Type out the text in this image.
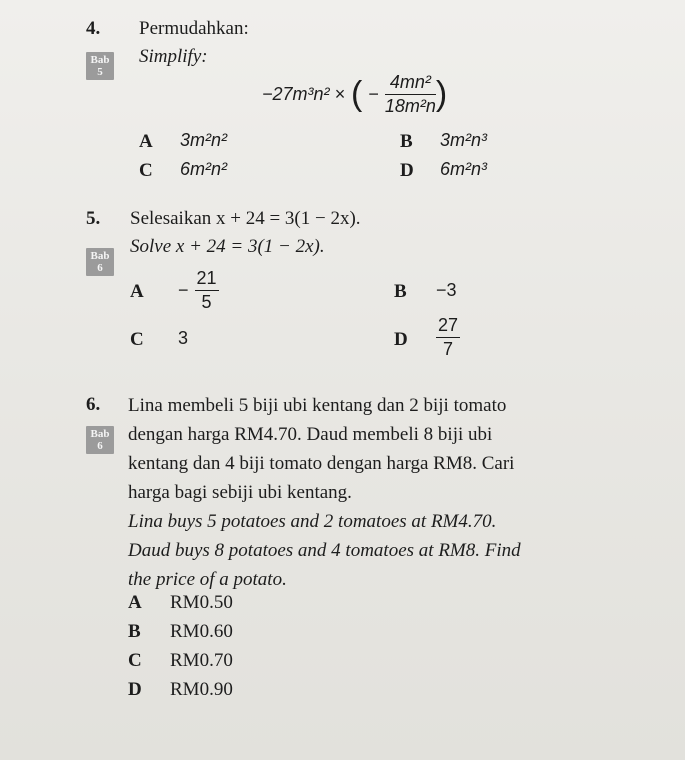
4. Permudahkan:
Bab
5
Simplify:
−27m³n² × ( − $\frac{\text{4mn²}}{\text{18m²n}}$ )
A 3m²n²	B 3m²n³
C 6m²n²	D 6m²n³
5. Selesaikan x + 24 = 3(1 − 2x).
Bab
6
Solve x + 24 = 3(1 − 2x).
$A - \frac{21}{5}$	B −3
C 3	D $\frac{27}{7}$
6.
Bab
6
Lina membeli 5 biji ubi kentang dan 2 biji tomato
dengan harga RM4.70. Daud membeli 8 biji ubi
kentang dan 4 biji tomato dengan harga RM8. Cari
harga bagi sebiji ubi kentang.
Lina buys 5 potatoes and 2 tomatoes at RM4.70.
Daud buys 8 potatoes and 4 tomatoes at RM8. Find
the price of a potato.
A RM0.50
B RM0.60
C RM0.70
D RM0.90
